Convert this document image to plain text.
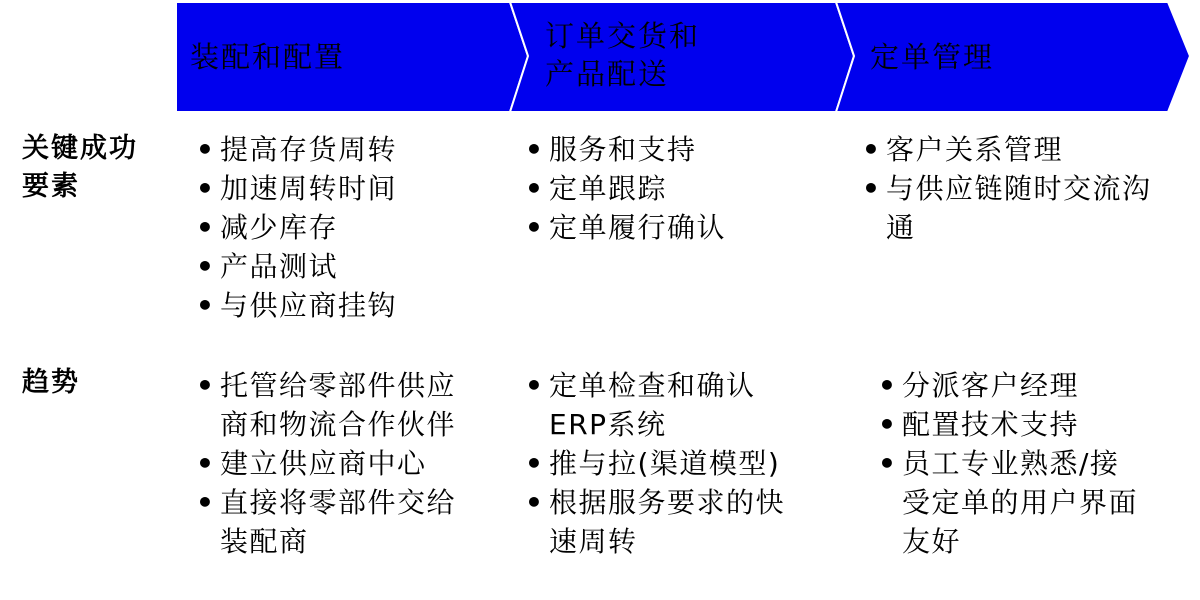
装配和配置
订单交货和
产品配送	定单管理
关键成功
要素
• 提高存货周转
• 加速周转时间
• 减少库存
• 产品测试
• 与供应商挂钩
• 服务和支持
• 定单跟踪
• 定单履行确认
• 客户关系管理
• 与供应链随时交流沟
通
趋势
•	托管给零部件供应
商和物流合作伙伴
• 建立供应商中心
• 直接将零部件交给
装配商
• 定单检查和确认
ERP系统
• 推与拉(渠道模型)
• 根据服务要求的快
速周转
• 分派客户经理
• 配置技术支持
• 员工专业熟悉/接
受定单的用户界面
友好
